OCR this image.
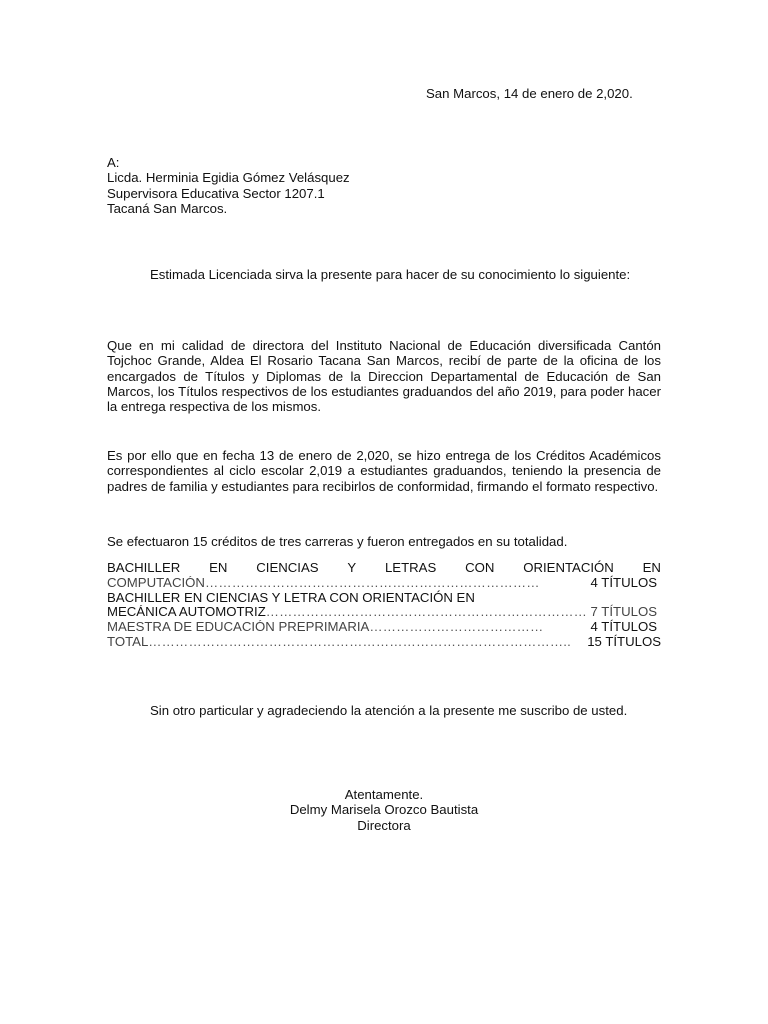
San Marcos, 14 de enero de 2,020.
A:
Licda. Herminia Egidia Gómez Velásquez
Supervisora Educativa Sector 1207.1
Tacaná San Marcos.
Estimada Licenciada sirva la presente para hacer de su conocimiento lo siguiente:
Que en mi calidad de directora del Instituto Nacional de Educación diversificada Cantón Tojchoc Grande, Aldea El Rosario Tacana San Marcos, recibí de parte de la oficina de los encargados de Títulos y Diplomas de la Direccion Departamental de Educación de San Marcos, los Títulos respectivos de los estudiantes graduandos del año 2019, para poder hacer la entrega respectiva de los mismos.
Es por ello que en fecha 13 de enero de 2,020, se hizo entrega de los Créditos Académicos correspondientes al ciclo escolar 2,019 a estudiantes graduandos, teniendo la presencia de padres de familia y estudiantes para recibirlos de conformidad, firmando el formato respectivo.
Se efectuaron 15 créditos de tres carreras y fueron entregados en su totalidad.
BACHILLER EN CIENCIAS Y LETRAS CON ORIENTACIÓN EN
COMPUTACIÓN …………………………………………………………………	4 TÍTULOS
BACHILLER EN CIENCIAS Y LETRA CON ORIENTACIÓN EN
MECÁNICA AUTOMOTRIZ ……………………………………………………………… 7 TÍTULOS
MAESTRA DE EDUCACIÓN PREPRIMARIA …………………………………	4 TÍTULOS
TOTAL ………………………………………………………………………………….. 15 TÍTULOS
Sin otro particular y agradeciendo la atención a la presente me suscribo de usted.
Atentamente.
Delmy Marisela Orozco Bautista
Directora
